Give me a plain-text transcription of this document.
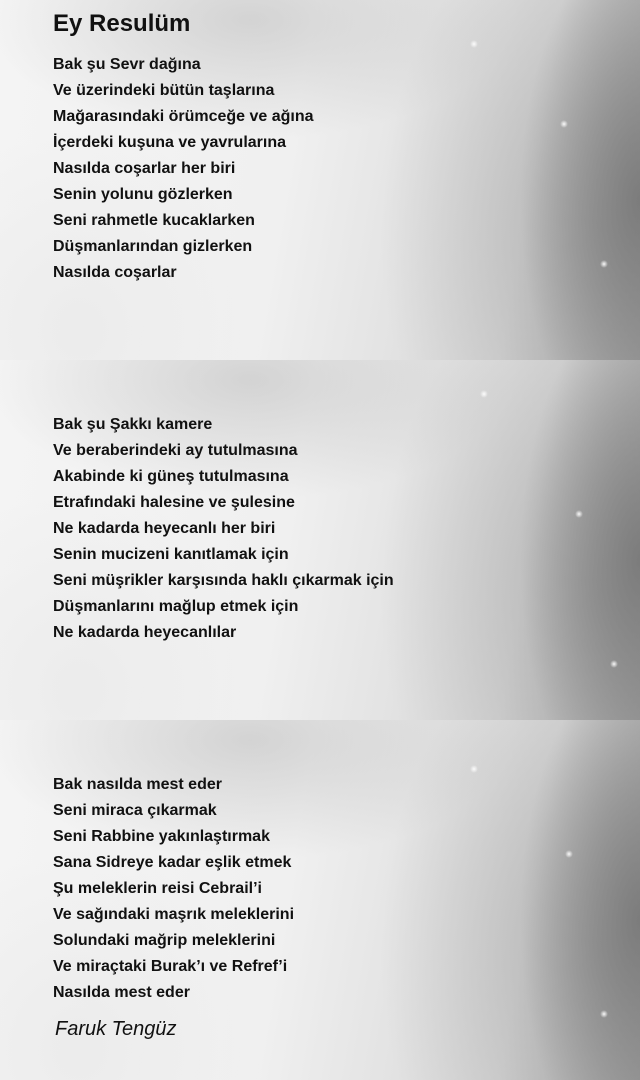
Ey Resulüm
Bak şu Sevr dağına
Ve üzerindeki bütün taşlarına
Mağarasındaki örümceğe ve ağına
İçerdeki kuşuna ve yavrularına
Nasılda coşarlar her biri
Senin yolunu gözlerken
Seni rahmetle kucaklarken
Düşmanlarından gizlerken
Nasılda coşarlar
Bak şu Şakkı kamere
Ve beraberindeki ay tutulmasına
Akabinde ki güneş tutulmasına
Etrafındaki halesine ve şulesine
Ne kadarda heyecanlı her biri
Senin mucizeni kanıtlamak için
Seni müşrikler karşısında haklı çıkarmak için
Düşmanlarını mağlup etmek için
Ne kadarda heyecanlılar
Bak nasılda mest eder
Seni miraca çıkarmak
Seni Rabbine yakınlaştırmak
Sana Sidreye kadar eşlik etmek
Şu meleklerin reisi Cebrail’i
Ve sağındaki maşrık meleklerini
Solundaki mağrip meleklerini
Ve miraçtaki Burak’ı ve Refref’i
Nasılda mest eder
Faruk Tengüz
